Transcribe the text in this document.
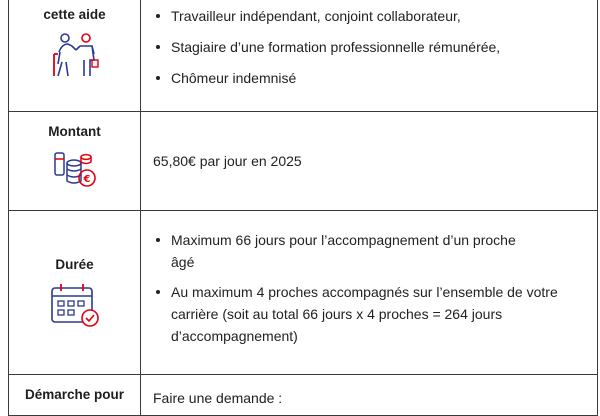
cette aide	Travailleur indépendant, conjoint collaborateur,
Stagiaire d’une formation professionnelle rémunérée,
Chômeur indemnisé
Montant
€
65,80€ par jour en 2025
Durée
Maximum 66 jours pour l’accompagnement d’un proche âgé
Au maximum 4 proches accompagnés sur l’ensemble de votre carrière (soit au total 66 jours x 4 proches = 264 jours d’accompagnement)
Démarche pour	Faire une demande :
